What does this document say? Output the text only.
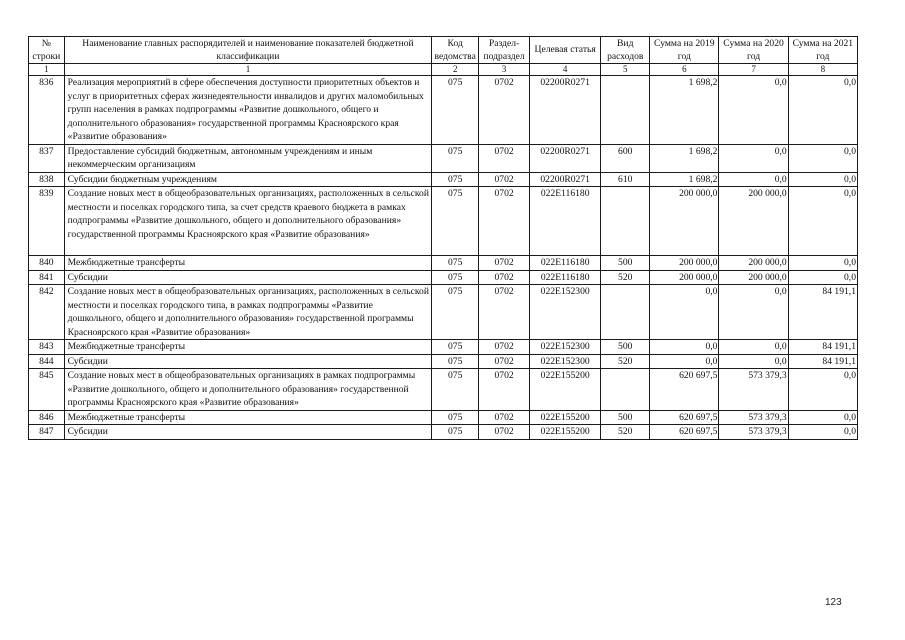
№ строки	Наименование главных распорядителей и наименование показателей бюджетной классификации	Код ведомства	Раздел-подраздел	Целевая статья	Вид расходов	Сумма на 2019 год	Сумма на 2020 год	Сумма на 2021 год
1	1	2	3	4	5	6	7	8
836	Реализация мероприятий в сфере обеспечения доступности приоритетных объектов и услуг в приоритетных сферах жизнедеятельности инвалидов и других маломобильных групп населения в рамках подпрограммы «Развитие дошкольного, общего и дополнительного образования» государственной программы Красноярского края «Развитие образования»	075	0702	02200R0271		1 698,2	0,0	0,0
837	Предоставление субсидий бюджетным, автономным учреждениям и иным некоммерческим организациям	075	0702	02200R0271	600	1 698,2	0,0	0,0
838	Субсидии бюджетным учреждениям	075	0702	02200R0271	610	1 698,2	0,0	0,0
839	Создание новых мест в общеобразовательных организациях, расположенных в сельской местности и поселках городского типа, за счет средств краевого бюджета в рамках подпрограммы «Развитие дошкольного, общего и дополнительного образования» государственной программы Красноярского края «Развитие образования»	075	0702	022E116180		200 000,0	200 000,0	0,0
840	Межбюджетные трансферты	075	0702	022E116180	500	200 000,0	200 000,0	0,0
841	Субсидии	075	0702	022E116180	520	200 000,0	200 000,0	0,0
842	Создание новых мест в общеобразовательных организациях, расположенных в сельской местности и поселках городского типа, в рамках подпрограммы «Развитие дошкольного, общего и дополнительного образования» государственной программы Красноярского края «Развитие образования»	075	0702	022E152300		0,0	0,0	84 191,1
843	Межбюджетные трансферты	075	0702	022E152300	500	0,0	0,0	84 191,1
844	Субсидии	075	0702	022E152300	520	0,0	0,0	84 191,1
845	Создание новых мест в общеобразовательных организациях в рамках подпрограммы «Развитие дошкольного, общего и дополнительного образования» государственной программы Красноярского края «Развитие образования»	075	0702	022E155200		620 697,5	573 379,3	0,0
846	Межбюджетные трансферты	075	0702	022E155200	500	620 697,5	573 379,3	0,0
847	Субсидии	075	0702	022E155200	520	620 697,5	573 379,3	0,0
123
